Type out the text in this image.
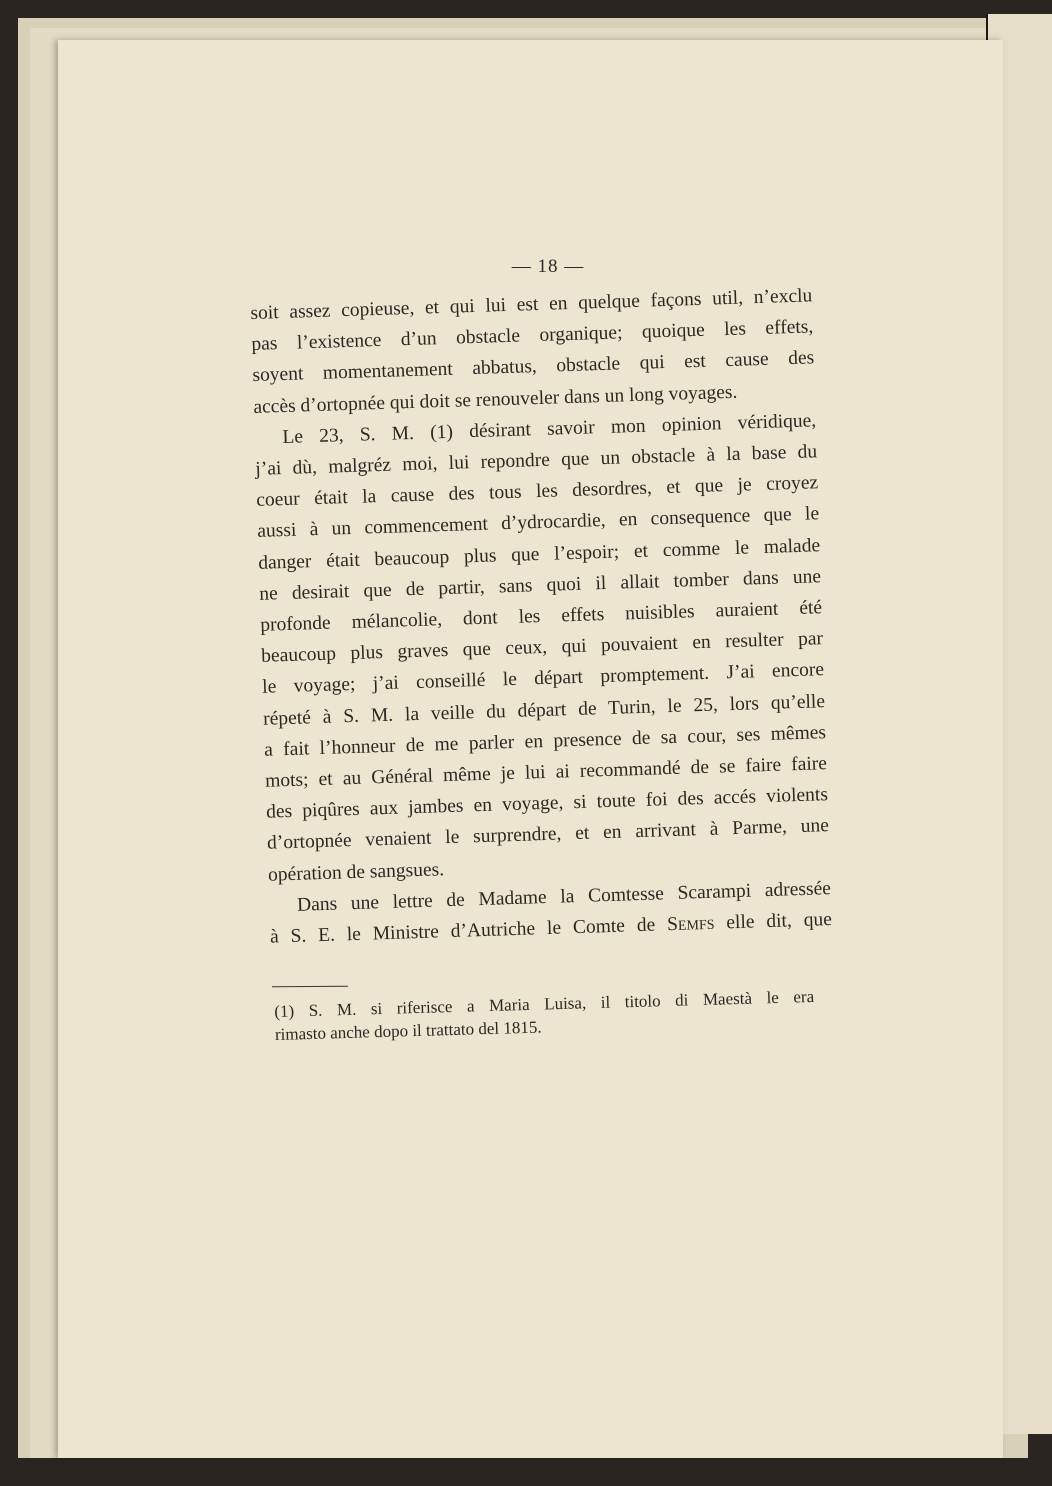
— 18 —
soit assez copieuse, et qui lui est en quelque façons util, n’exclu
pas l’existence d’un obstacle organique; quoique les effets,
soyent momentanement abbatus, obstacle qui est cause des
accès d’ortopnée qui doit se renouveler dans un long voyages.
Le 23, S. M. (1) désirant savoir mon opinion véridique,
j’ai dù, malgréz moi, lui repondre que un obstacle à la base du
coeur était la cause des tous les desordres, et que je croyez
aussi à un commencement d’ydrocardie, en consequence que le
danger était beaucoup plus que l’espoir; et comme le malade
ne desirait que de partir, sans quoi il allait tomber dans une
profonde mélancolie, dont les effets nuisibles auraient été
beaucoup plus graves que ceux, qui pouvaient en resulter par
le voyage; j’ai conseillé le départ promptement. J’ai encore
répeté à S. M. la veille du départ de Turin, le 25, lors qu’elle
a fait l’honneur de me parler en presence de sa cour, ses mêmes
mots; et au Général même je lui ai recommandé de se faire faire
des piqûres aux jambes en voyage, si toute foi des accés violents
d’ortopnée venaient le surprendre, et en arrivant à Parme, une
opération de sangsues.
Dans une lettre de Madame la Comtesse Scarampi adressée
à S. E. le Ministre d’Autriche le Comte de Semfs elle dit, que
(1) S. M. si riferisce a Maria Luisa, il titolo di Maestà le era
rimasto anche dopo il trattato del 1815.
